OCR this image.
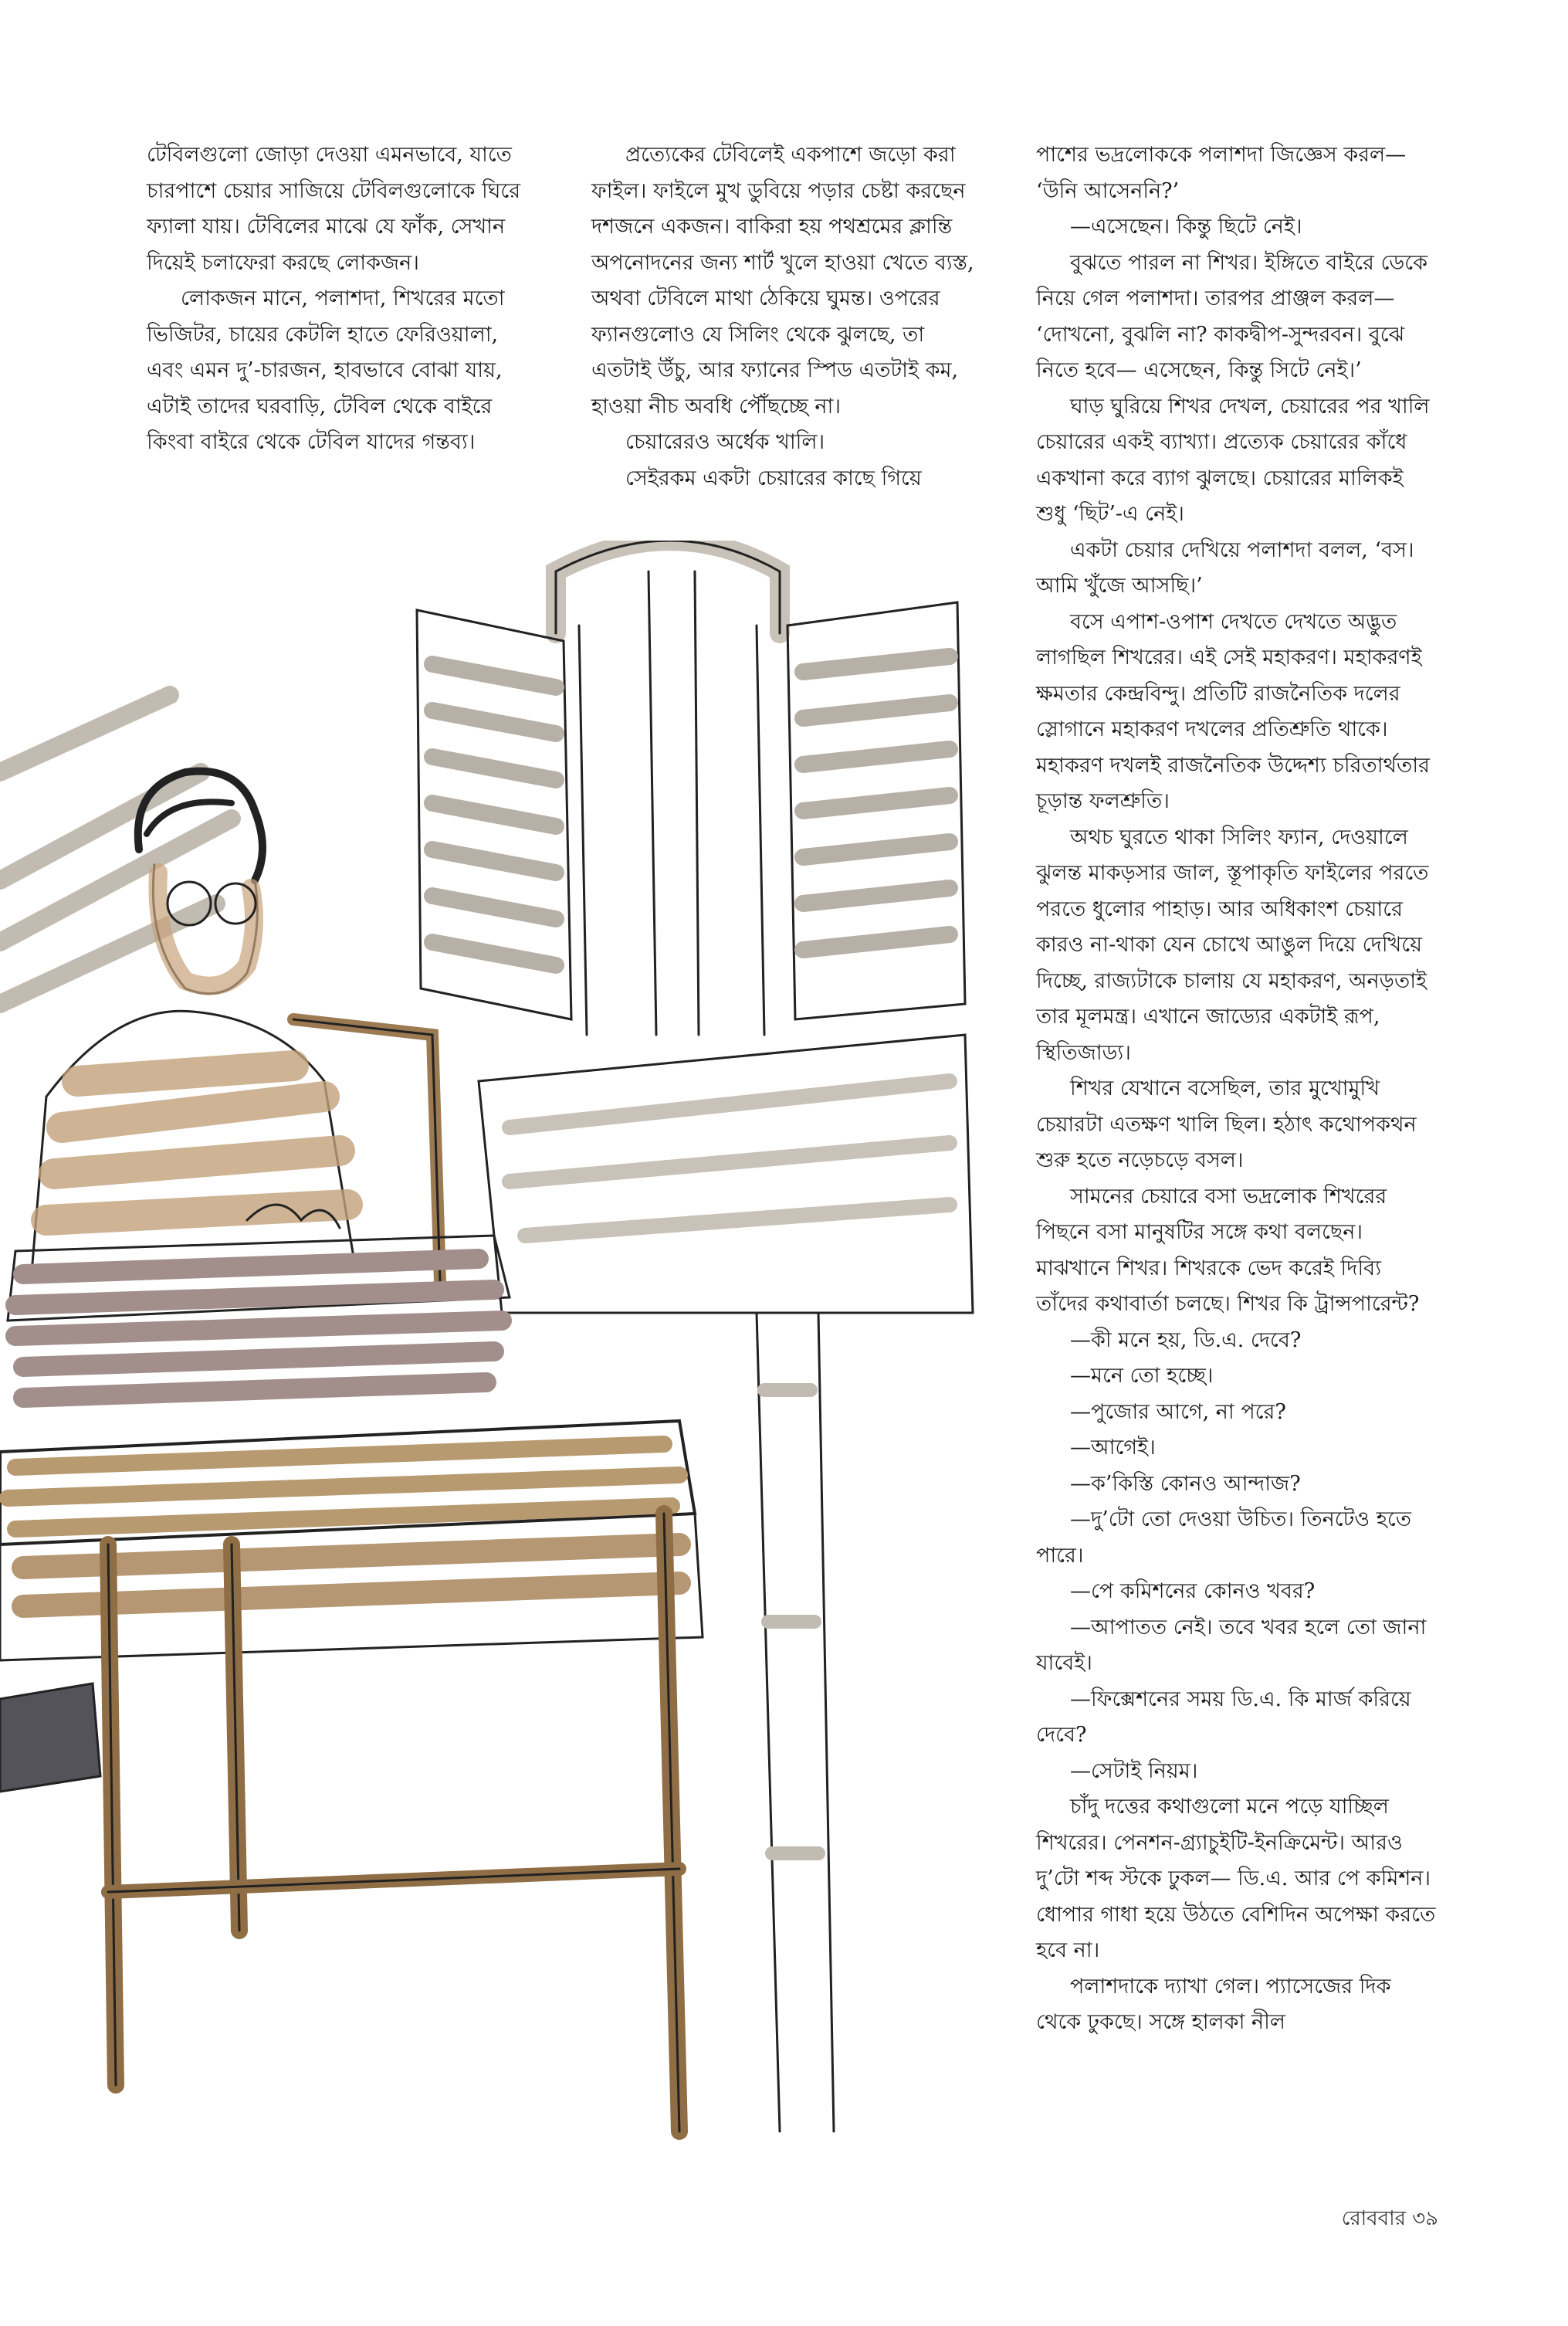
টেবিলগুলো জোড়া দেওয়া এমনভাবে, যাতে চারপাশে চেয়ার সাজিয়ে টেবিলগুলোকে ঘিরে ফ্যালা যায়। টেবিলের মাঝে যে ফাঁক, সেখান দিয়েই চলাফেরা করছে লোকজন।

লোকজন মানে, পলাশদা, শিখরের মতো ভিজিটর, চায়ের কেটলি হাতে ফেরিওয়ালা, এবং এমন দু’-চারজন, হাবভাবে বোঝা যায়, এটাই তাদের ঘরবাড়ি, টেবিল থেকে বাইরে কিংবা বাইরে থেকে টেবিল যাদের গন্তব্য।

প্রত্যেকের টেবিলেই একপাশে জড়ো করা ফাইল। ফাইলে মুখ ডুবিয়ে পড়ার চেষ্টা করছেন দশজনে একজন। বাকিরা হয় পথশ্রমের ক্লান্তি অপনোদনের জন্য শার্ট খুলে হাওয়া খেতে ব্যস্ত, অথবা টেবিলে মাথা ঠেকিয়ে ঘুমন্ত। ওপরের ফ্যানগুলোও যে সিলিং থেকে ঝুলছে, তা এতটাই উঁচু, আর ফ্যানের স্পিড এতটাই কম, হাওয়া নীচ অবধি পৌঁছচ্ছে না।

চেয়ারেরও অর্ধেক খালি।

সেইরকম একটা চেয়ারের কাছে গিয়ে

পাশের ভদ্রলোককে পলাশদা জিজ্ঞেস করল— ‘উনি আসেননি?’

—এসেছেন। কিন্তু ছিটে নেই।

বুঝতে পারল না শিখর। ইঙ্গিতে বাইরে ডেকে নিয়ে গেল পলাশদা। তারপর প্রাঞ্জল করল— ‘দোখনো, বুঝলি না? কাকদ্বীপ-সুন্দরবন। বুঝে নিতে হবে— এসেছেন, কিন্তু সিটে নেই।’

ঘাড় ঘুরিয়ে শিখর দেখল, চেয়ারের পর খালি চেয়ারের একই ব্যাখ্যা। প্রত্যেক চেয়ারের কাঁধে একখানা করে ব্যাগ ঝুলছে। চেয়ারের মালিকই শুধু ‘ছিট’-এ নেই।

একটা চেয়ার দেখিয়ে পলাশদা বলল, ‘বস। আমি খুঁজে আসছি।’

বসে এপাশ-ওপাশ দেখতে দেখতে অদ্ভুত লাগছিল শিখরের। এই সেই মহাকরণ। মহাকরণই ক্ষমতার কেন্দ্রবিন্দু। প্রতিটি রাজনৈতিক দলের স্লোগানে মহাকরণ দখলের প্রতিশ্রুতি থাকে। মহাকরণ দখলই রাজনৈতিক উদ্দেশ্য চরিতার্থতার চূড়ান্ত ফলশ্রুতি।

অথচ ঘুরতে থাকা সিলিং ফ্যান, দেওয়ালে ঝুলন্ত মাকড়সার জাল, স্তূপাকৃতি ফাইলের পরতে পরতে ধুলোর পাহাড়। আর অধিকাংশ চেয়ারে কারও না-থাকা যেন চোখে আঙুল দিয়ে দেখিয়ে দিচ্ছে, রাজ্যটাকে চালায় যে মহাকরণ, অনড়তাই তার মূলমন্ত্র। এখানে জাড্যের একটাই রূপ, স্থিতিজাড্য।

শিখর যেখানে বসেছিল, তার মুখোমুখি চেয়ারটা এতক্ষণ খালি ছিল। হঠাৎ কথোপকথন শুরু হতে নড়েচড়ে বসল।

সামনের চেয়ারে বসা ভদ্রলোক শিখরের পিছনে বসা মানুষটির সঙ্গে কথা বলছেন। মাঝখানে শিখর। শিখরকে ভেদ করেই দিব্যি তাঁদের কথাবার্তা চলছে। শিখর কি ট্রান্সপারেন্ট?

—কী মনে হয়, ডি.এ. দেবে?

—মনে তো হচ্ছে।

—পুজোর আগে, না পরে?

—আগেই।

—ক’কিস্তি কোনও আন্দাজ?

—দু’টো তো দেওয়া উচিত। তিনটেও হতে পারে।

—পে কমিশনের কোনও খবর?

—আপাতত নেই। তবে খবর হলে তো জানা যাবেই।

—ফিক্সেশনের সময় ডি.এ. কি মার্জ করিয়ে দেবে?

—সেটাই নিয়ম।

চাঁদু দত্তের কথাগুলো মনে পড়ে যাচ্ছিল শিখরের। পেনশন-গ্র্যাচুইটি-ইনক্রিমেন্ট। আরও দু’টো শব্দ স্টকে ঢুকল— ডি.এ. আর পে কমিশন। ধোপার গাধা হয়ে উঠতে বেশিদিন অপেক্ষা করতে হবে না।

পলাশদাকে দ্যাখা গেল। প্যাসেজের দিক থেকে ঢুকছে। সঙ্গে হালকা নীল

রোববার ৩৯
